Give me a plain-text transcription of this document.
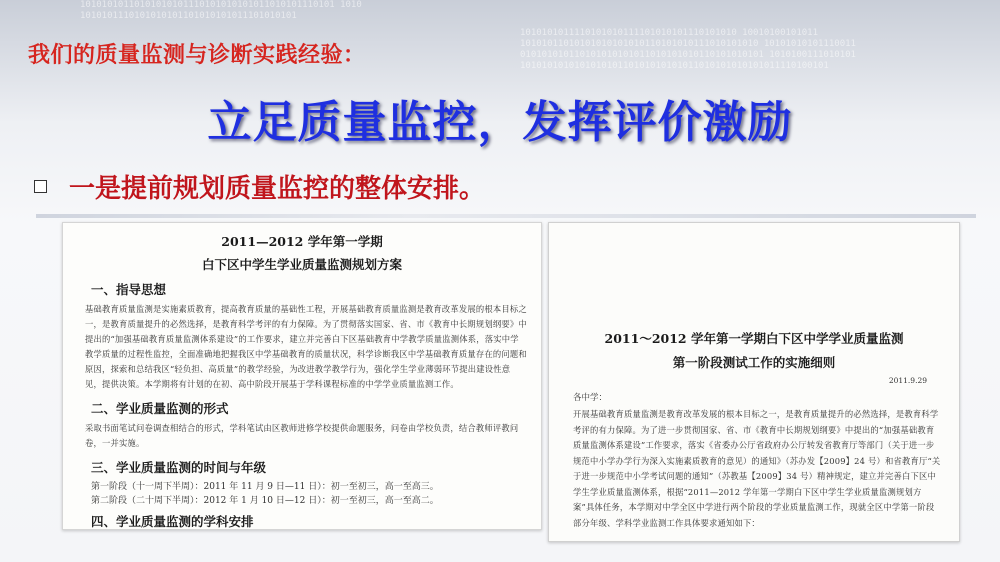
10101010110101010101110101010101011010101110101 1010
1010101110101010101101010101011101010101

1010101011110101010111101010101110101010 10010100101011
10101011010101010101010110101010111010101010 10101010101110011
010101010110101010101011010101010110101010101 1010100111010101
101010101010101010110101010101011010101010101011110100101

我们的质量监测与诊断实践经验：
立足质量监控，发挥评价激励
一是提前规划质量监控的整体安排。
2011—2012 学年第一学期
白下区中学生学业质量监测规划方案
一、指导思想
基础教育质量监测是实施素质教育，提高教育质量的基础性工程，开展基础教育质量监测是教育改革发展的根本目标之一，是教育质量提升的必然选择，是教育科学考评的有力保障。为了贯彻落实国家、省、市《教育中长期规划纲要》中提出的“加强基础教育质量监测体系建设”的工作要求，建立并完善白下区基础教育中学教学质量监测体系，落实中学教学质量的过程性监控，全面准确地把握我区中学基础教育的质量状况，科学诊断我区中学基础教育质量存在的问题和原因，探索和总结我区“轻负担、高质量”的教学经验，为改进教学教学行为，强化学生学业薄弱环节提出建设性意见，提供决策。本学期将有计划的在初、高中阶段开展基于学科课程标准的中学学业质量监测工作。
二、学业质量监测的形式
采取书面笔试问卷调查相结合的形式，学科笔试由区教师进修学校提供命题服务，问卷由学校负责，结合教师评教问卷，一并实施。
三、学业质量监测的时间与年级
第一阶段（十一周下半周）：2011 年 11 月 9 日—11 日）：初一至初三，高一至高三。
第二阶段（二十周下半周）：2012 年 1 月 10 日—12 日）：初一至初三，高一至高二。
四、学业质量监测的学科安排
2011～2012 学年第一学期白下区中学学业质量监测
第一阶段测试工作的实施细则
2011.9.29
各中学：
开展基础教育质量监测是教育改革发展的根本目标之一，是教育质量提升的必然选择，是教育科学考评的有力保障。为了进一步贯彻国家、省、市《教育中长期规划纲要》中提出的“加强基础教育质量监测体系建设”工作要求，落实《省委办公厅省政府办公厅转发省教育厅等部门（关于进一步规范中小学办学行为深入实施素质教育的意见）的通知》（苏办发【2009】24 号）和省教育厅“关于进一步规范中小学考试问题的通知”（苏教基【2009】34 号）精神规定，建立并完善白下区中学生学业质量监测体系，根据“2011—2012 学年第一学期白下区中学生学业质量监测规划方案”具体任务，本学期对中学全区中学进行两个阶段的学业质量监测工作，现就全区中学第一阶段部分年级、学科学业监测工作具体要求通知如下：
